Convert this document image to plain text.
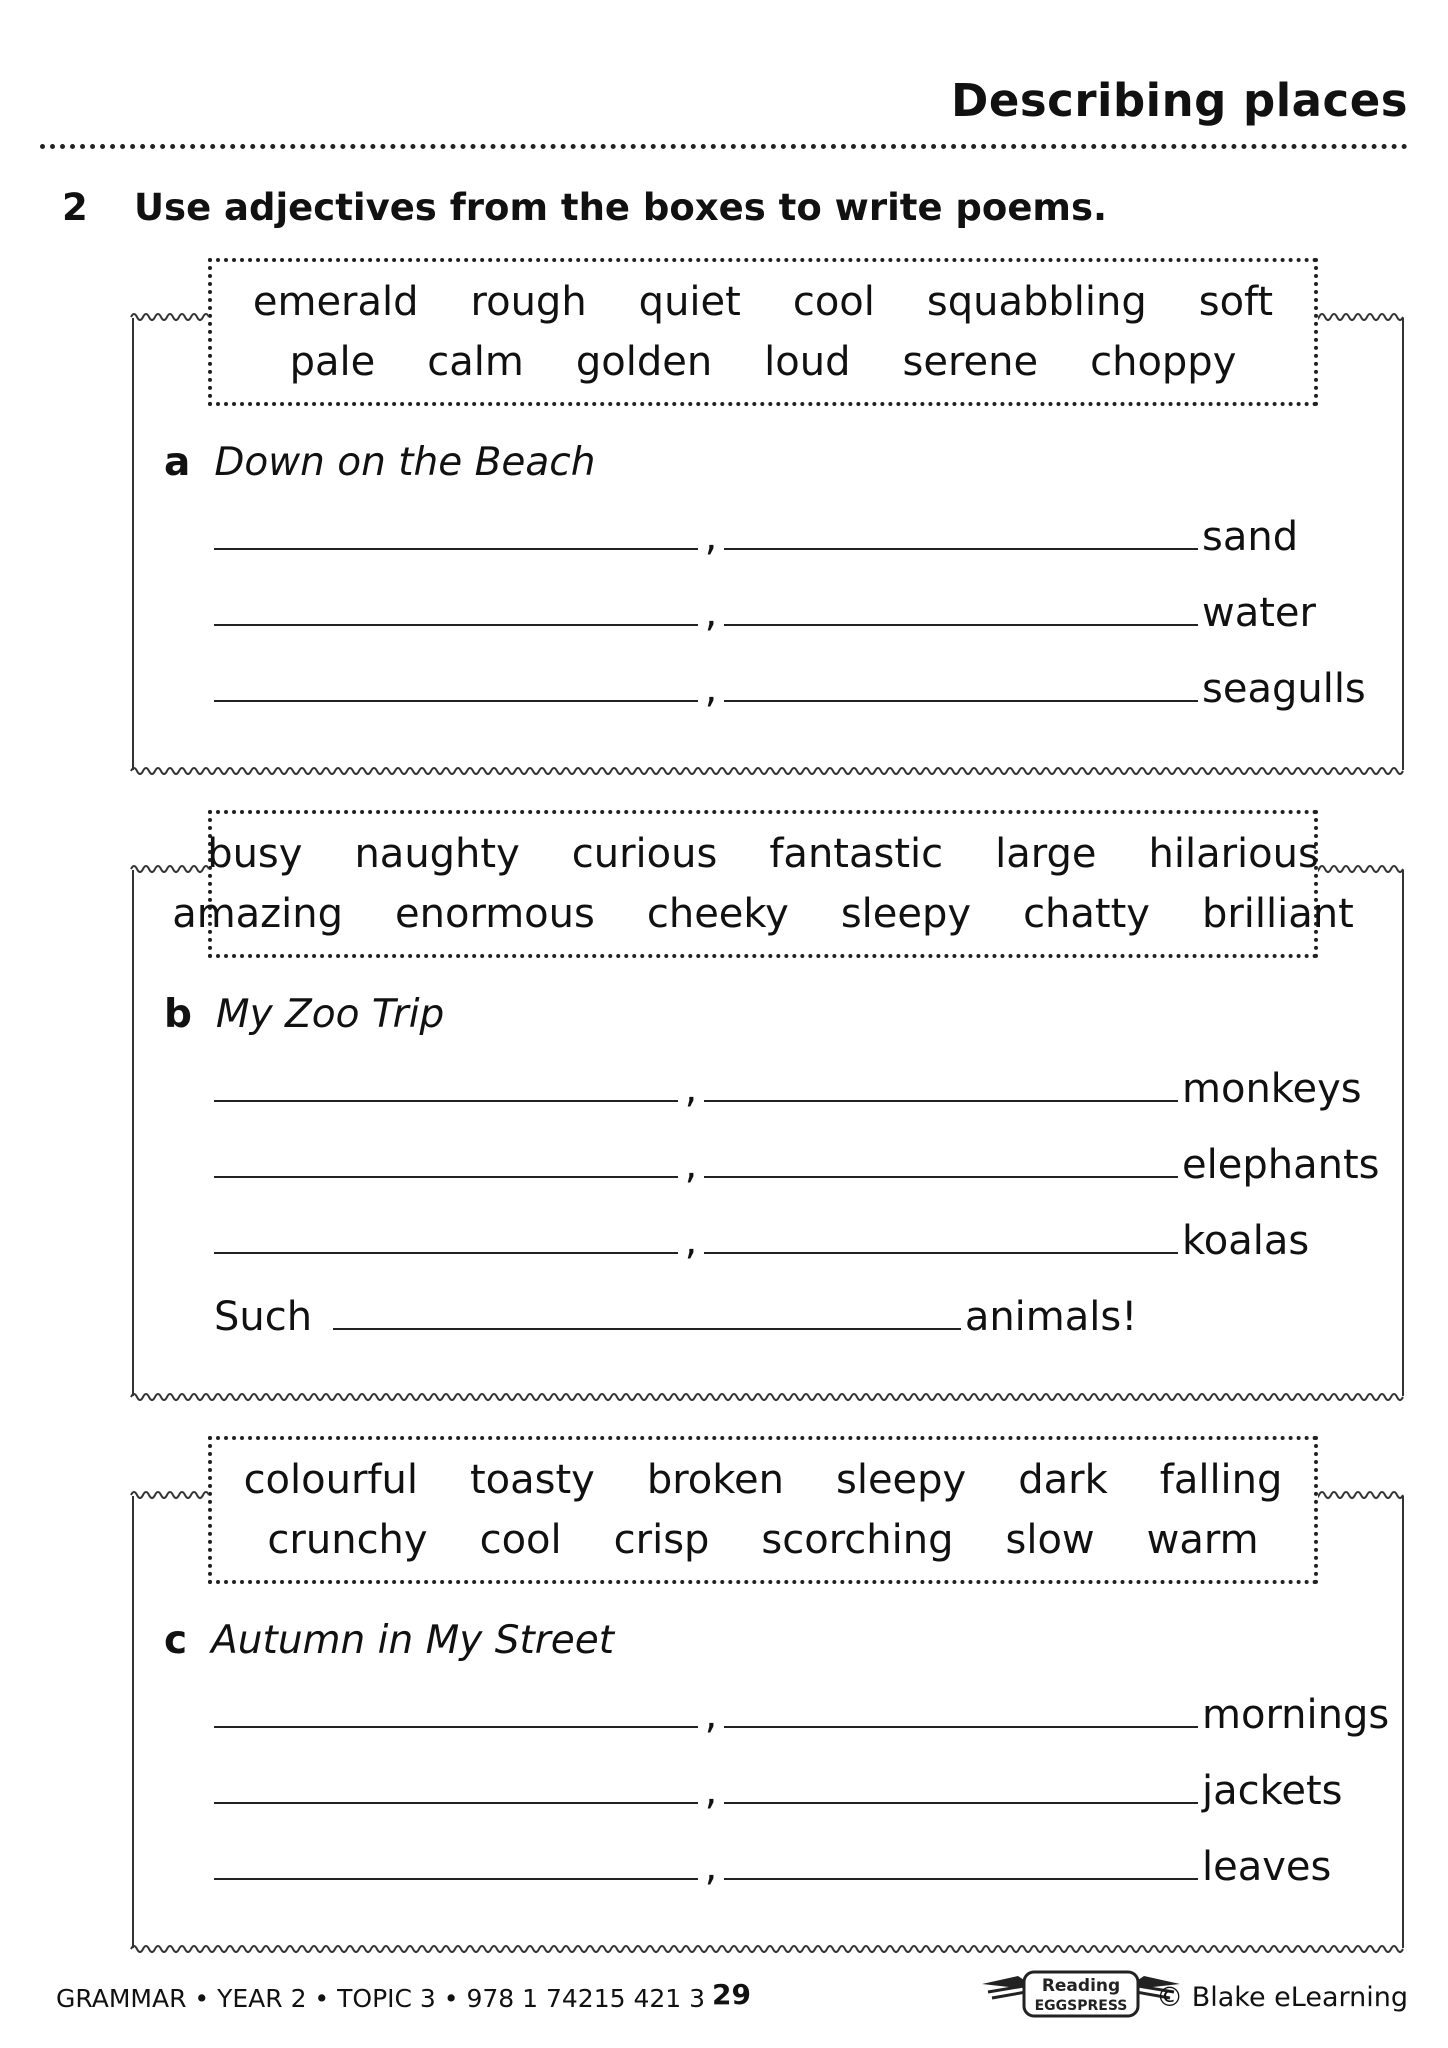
Describing places
2 Use adjectives from the boxes to write poems.
emerald rough quiet cool squabbling soft
pale calm golden loud serene choppy
a Down on the Beach
,	sand
,	water
,	seagulls
busy naughty curious fantastic large hilarious
amazing enormous cheeky sleepy chatty brilliant
b My Zoo Trip
,	monkeys
,	elephants
,	koalas
Such	animals!
colourful toasty broken sleepy dark falling
crunchy cool crisp scorching slow warm
c Autumn in My Street
,	mornings
,	jackets
,	leaves
GRAMMAR • YEAR 2 • TOPIC 3 • 978 1 74215 421 3 29	Reading
EGGSPRESS © Blake eLearning
